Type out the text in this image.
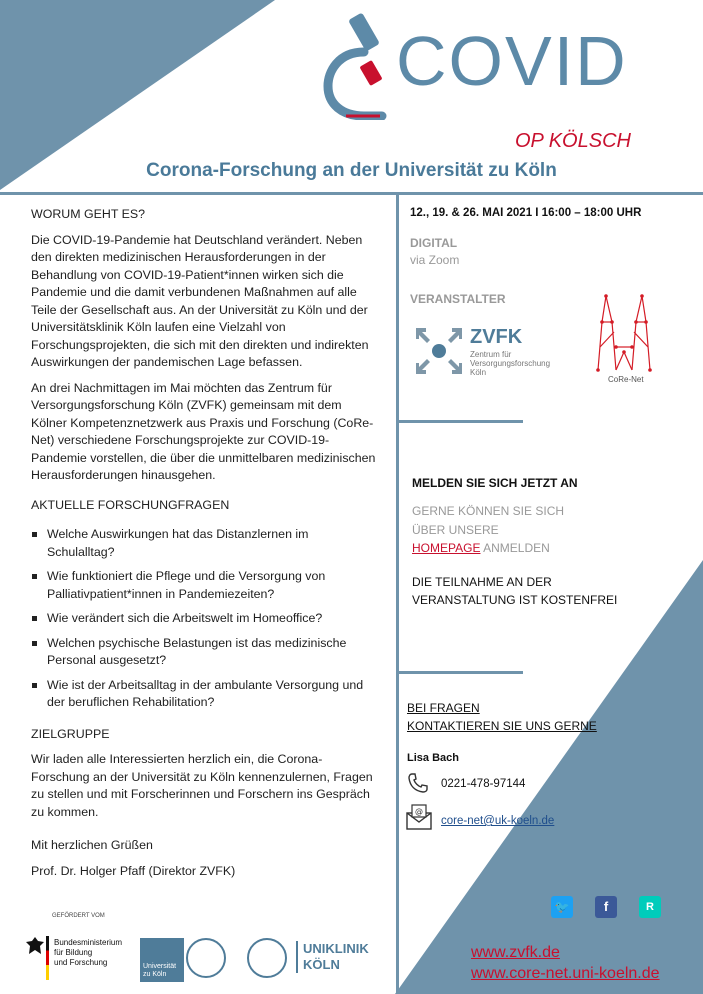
COVID
OP KÖLSCH
Corona-Forschung an der Universität zu Köln
WORUM GEHT ES?

Die COVID-19-Pandemie hat Deutschland verändert. Neben den direkten medizinischen Herausforderungen in der Behandlung von COVID-19-Patient*innen wirken sich die Pandemie und die damit verbundenen Maßnahmen auf alle Teile der Gesellschaft aus. An der Universität zu Köln und der Universitätsklinik Köln laufen eine Vielzahl von Forschungsprojekten, die sich mit den direkten und indirekten Auswirkungen der pandemischen Lage befassen.

An drei Nachmittagen im Mai möchten das Zentrum für Versorgungsforschung Köln (ZVFK) gemeinsam mit dem Kölner Kompetenznetzwerk aus Praxis und Forschung (CoRe-Net) verschiedene Forschungsprojekte zur COVID-19-Pandemie vorstellen, die über die unmittelbaren medizinischen Herausforderungen hinausgehen.

AKTUELLE FORSCHUNGFRAGEN
Welche Auswirkungen hat das Distanzlernen im Schulalltag?
Wie funktioniert die Pflege und die Versorgung von Palliativpatient*innen in Pandemiezeiten?
Wie verändert sich die Arbeitswelt im Homeoffice?
Welchen psychische Belastungen ist das medizinische Personal ausgesetzt?
Wie ist der Arbeitsalltag in der ambulante Versorgung und der beruflichen Rehabilitation?
ZIELGRUPPE

Wir laden alle Interessierten herzlich ein, die Corona-Forschung an der Universität zu Köln kennenzulernen, Fragen zu stellen und mit Forscherinnen und Forschern ins Gespräch zu kommen.

Mit herzlichen Grüßen

Prof. Dr. Holger Pfaff (Direktor ZVFK)

GEFÖRDERT VOM
Bundesministerium
für Bildung
und Forschung	Universität
zu Köln
UNIKLINIK
KÖLN
12., 19. & 26. MAI 2021 I 16:00 – 18:00 UHR
DIGITAL
via Zoom
VERANSTALTER
ZVFK
Zentrum für
Versorgungsforschung
Köln
CoRe-Net
MELDEN SIE SICH JETZT AN
GERNE KÖNNEN SIE SICH
ÜBER UNSERE
HOMEPAGE ANMELDEN
DIE TEILNAHME AN DER
VERANSTALTUNG IST KOSTENFREI
BEI FRAGEN
KONTAKTIEREN SIE UNS GERNE
Lisa Bach
0221-478-97144
@
core-net@uk-koeln.de
🐦	f	R
www.zvfk.de
www.core-net.uni-koeln.de
